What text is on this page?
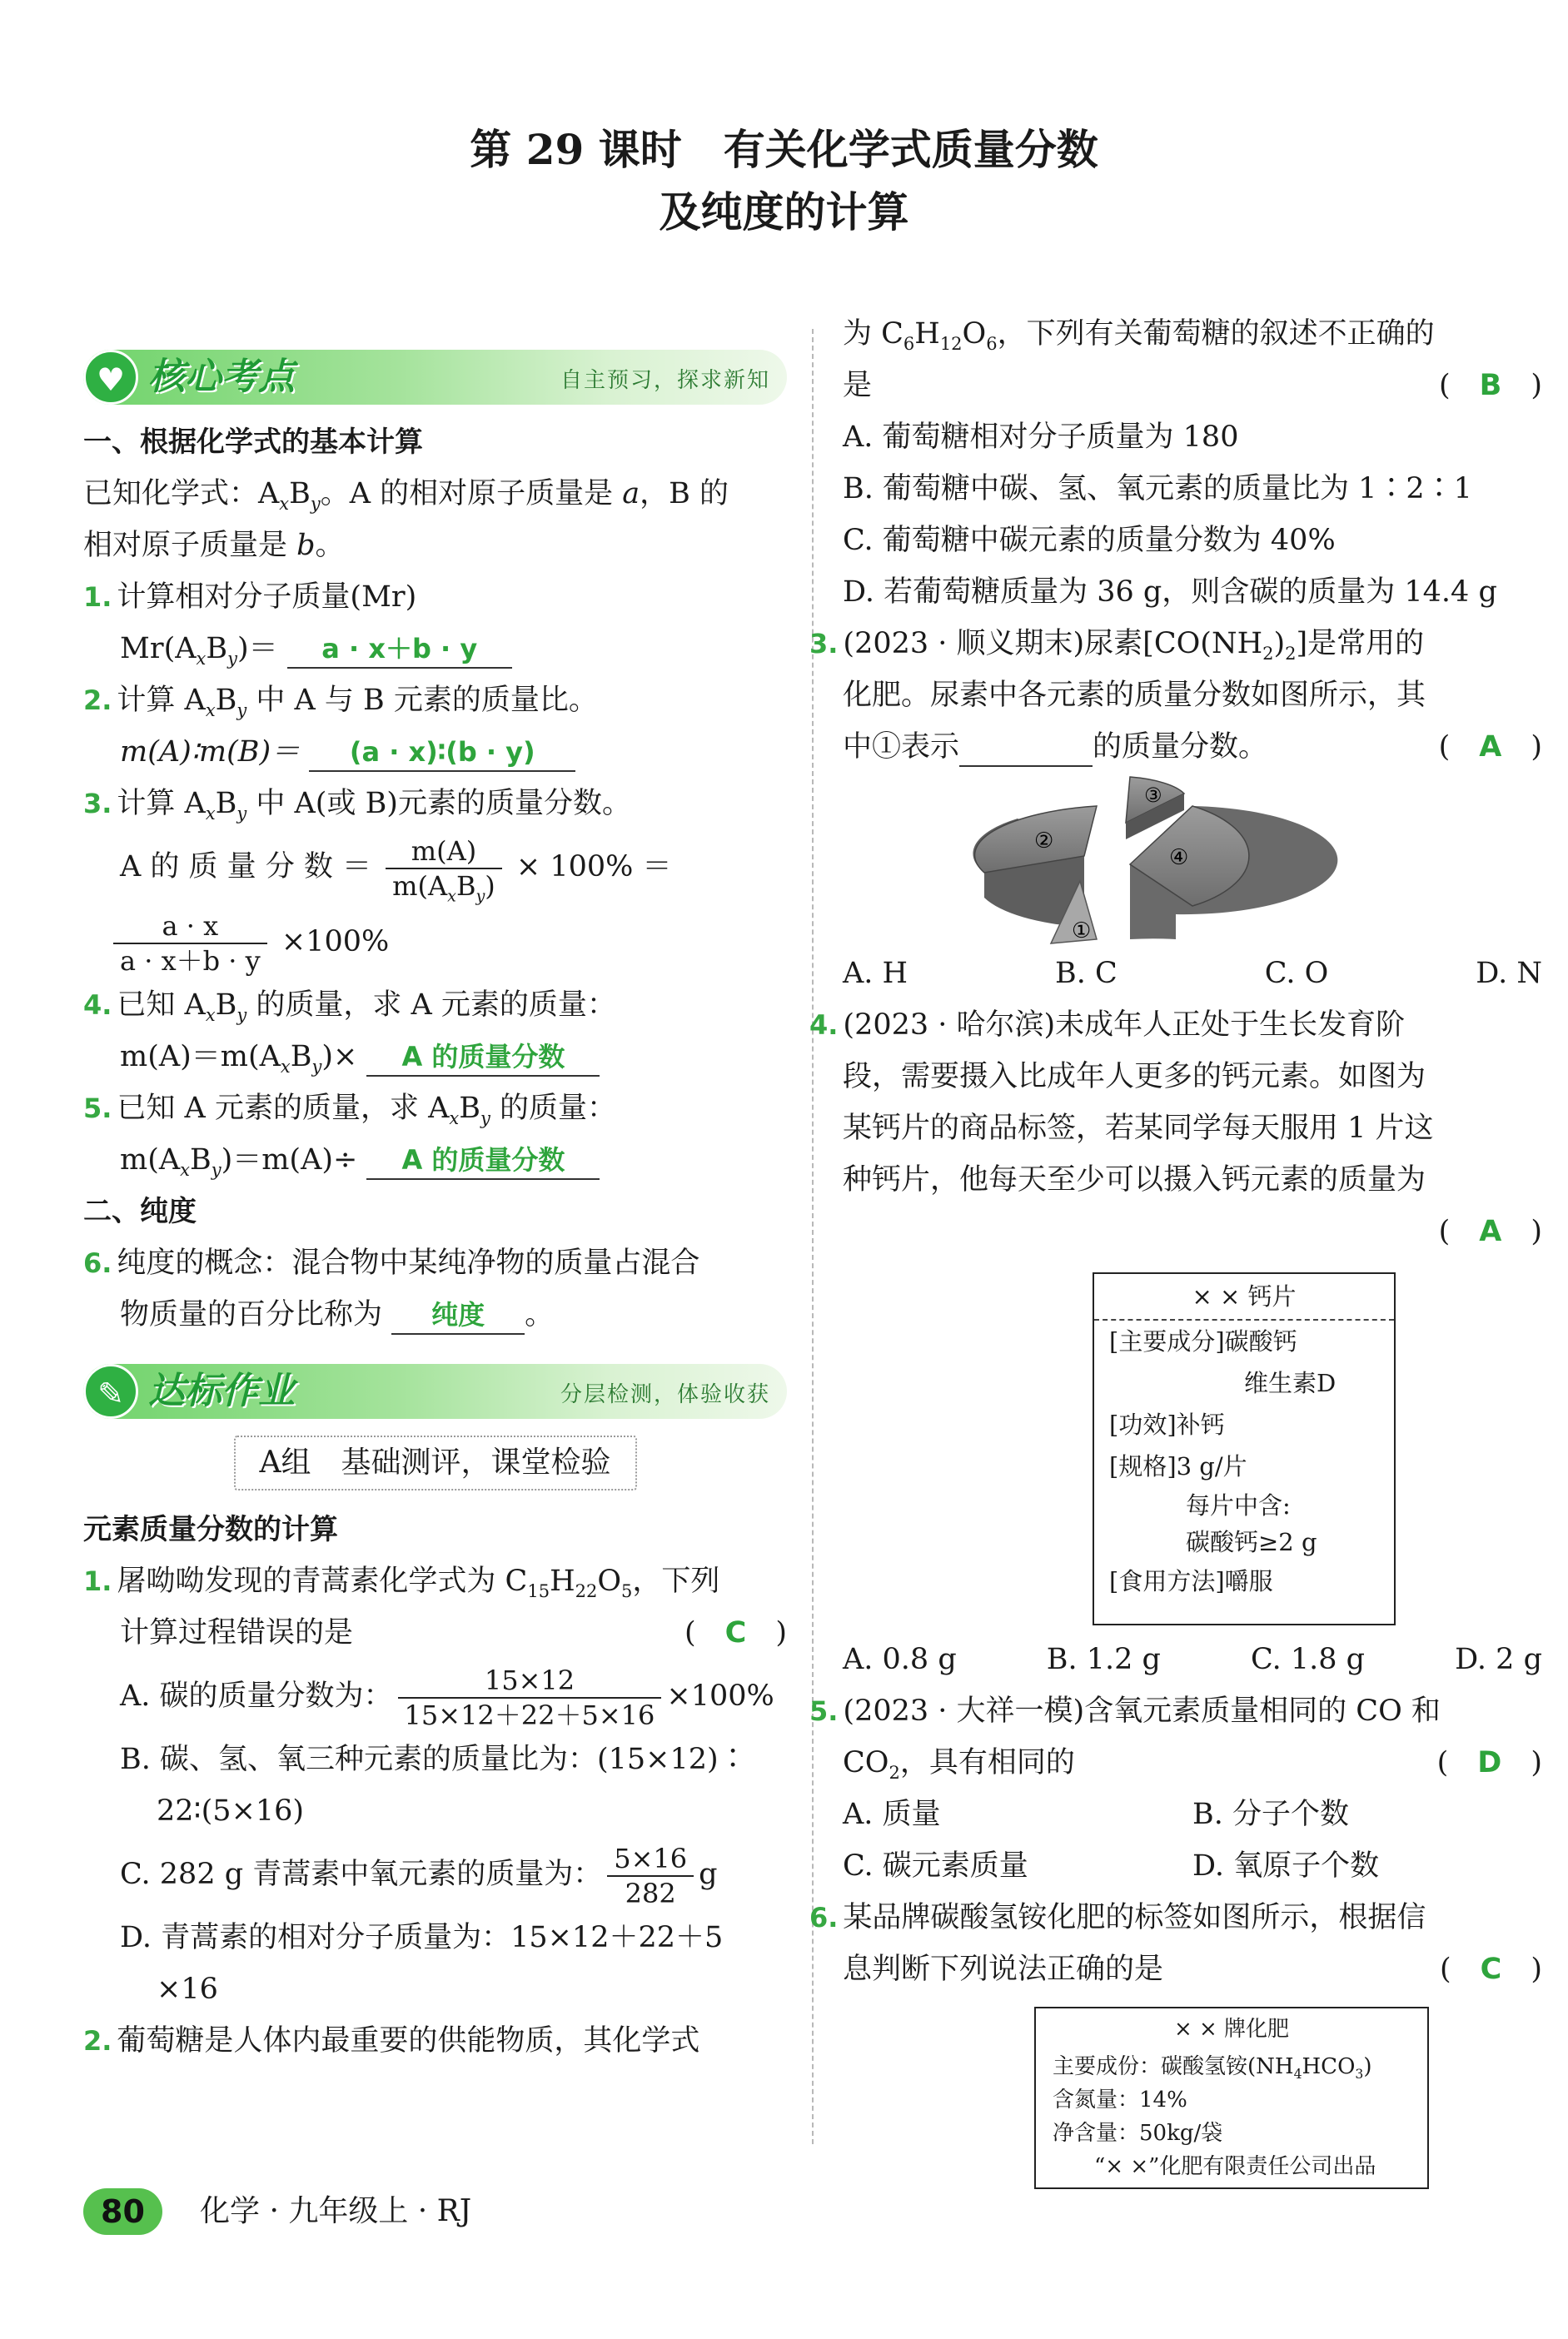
第 29 课时　有关化学式质量分数
及纯度的计算
♥ 核心考点	自主预习，探求新知
一、根据化学式的基本计算
已知化学式：$A_xB_y$。A 的相对原子质量是 a，B 的
相对原子质量是 b。
1. 计算相对分子质量(Mr)
$Mr(A_xB_y)= a \cdot x+b \cdot y$
2. 计算 $A_xB_y$ 中 A 与 B 元素的质量比。
m(A)∶m(B)＝ (a · x)∶(b · y)
3. 计算 $A_xB_y$ 中 A(或 B)元素的质量分数。
A 的 质 量 分 数 ＝ $\frac{m(A)}{m(A_xB_y)} \times 100\%$ ＝
$\frac{a \cdot x}{a \cdot x+b \cdot y} \times 100\%$
4. 已知 $A_xB_y$ 的质量，求 A 元素的质量：
$m(A)=m(A_xB_y)\times A$ 的质量分数
5. 已知 A 元素的质量，求 $A_xB_y$ 的质量：
$m(A_xB_y)=m(A)\div A$ 的质量分数
二、纯度
6. 纯度的概念：混合物中某纯净物的质量占混合
物质量的百分比称为 纯度 。
✎ 达标作业	分层检测，体验收获
A组　基础测评，课堂检验
元素质量分数的计算
1. 屠呦呦发现的青蒿素化学式为 $C_{15}H_{22}O_5$，下列
计算过程错误的是	(　C　)
A. 碳的质量分数为： $\frac{15\times 12}{15\times 12+22+5\times 16} \times 100\%$
B. 碳、氢、氧三种元素的质量比为：(15×12)∶
22∶(5×16)
C. 282 g 青蒿素中氧元素的质量为： $\frac{5\times 16}{282}$ g
D. 青蒿素的相对分子质量为：15×12＋22＋5
×16
2. 葡萄糖是人体内最重要的供能物质，其化学式
为 $C_6H_{12}O_6$，下列有关葡萄糖的叙述不正确的
是	(　B　)
A. 葡萄糖相对分子质量为 180
B. 葡萄糖中碳、氢、氧元素的质量比为 1∶2∶1
C. 葡萄糖中碳元素的质量分数为 40%
D. 若葡萄糖质量为 36 g，则含碳的质量为 14.4 g
3. (2023 · 顺义期末)尿素$[CO(NH_2)_2]$是常用的
化肥。尿素中各元素的质量分数如图所示，其
中①表示　	的质量分数。	(　A　)
①
②
③
④
A. H	B. C	C. O	D. N
4. (2023 · 哈尔滨)未成年人正处于生长发育阶
段，需要摄入比成年人更多的钙元素。如图为
某钙片的商品标签，若某同学每天服用 1 片这
种钙片，他每天至少可以摄入钙元素的质量为

(　A　)
× × 钙片
[主要成分]碳酸钙
维生素D
[功效]补钙
[规格]3 g/片
每片中含:
碳酸钙≥2 g
[食用方法]嚼服
A. 0.8 g	B. 1.2 g	C. 1.8 g	D. 2 g
5. (2023 · 大祥一模)含氧元素质量相同的 CO 和
$CO_2$，具有相同的	(　D　)
A. 质量	B. 分子个数
C. 碳元素质量	D. 氧原子个数
6. 某品牌碳酸氢铵化肥的标签如图所示，根据信
息判断下列说法正确的是	(　C　)
× × 牌化肥
主要成份：碳酸氢铵$(NH_4HCO_3)$
含氮量：14%
净含量：50kg/袋
“× ×”化肥有限责任公司出品
80	化学 · 九年级上 · RJ
